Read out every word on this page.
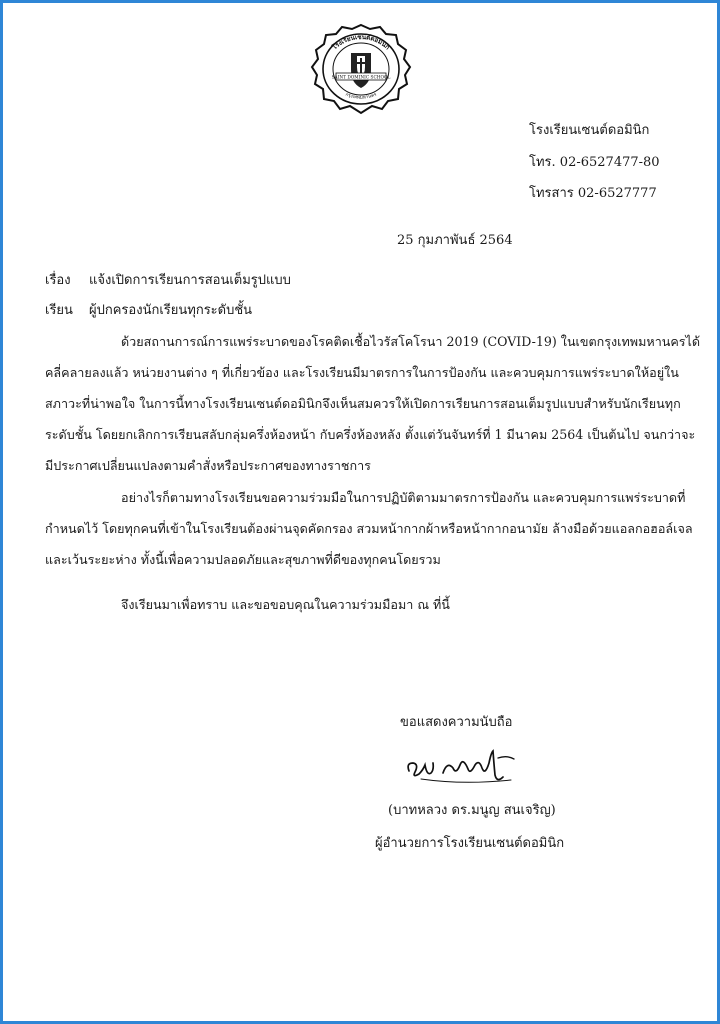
โรงเรียนเซนต์ดอมินิก
กรุงเทพมหานคร
SAINT DOMINIC SCHOOL
โรงเรียนเซนต์ดอมินิก
โทร. 02-6527477-80
โทรสาร 02-6527777
25 กุมภาพันธ์ 2564
เรื่อง แจ้งเปิดการเรียนการสอนเต็มรูปแบบ
เรียน ผู้ปกครองนักเรียนทุกระดับชั้น
ด้วยสถานการณ์การแพร่ระบาดของโรคติดเชื้อไวรัสโคโรนา 2019 (COVID-19) ในเขตกรุงเทพมหานครได้
คลี่คลายลงแล้ว หน่วยงานต่าง ๆ ที่เกี่ยวข้อง และโรงเรียนมีมาตรการในการป้องกัน และควบคุมการแพร่ระบาดให้อยู่ใน
สภาวะที่น่าพอใจ ในการนี้ทางโรงเรียนเซนต์ดอมินิกจึงเห็นสมควรให้เปิดการเรียนการสอนเต็มรูปแบบสำหรับนักเรียนทุก
ระดับชั้น โดยยกเลิกการเรียนสลับกลุ่มครึ่งห้องหน้า กับครึ่งห้องหลัง ตั้งแต่วันจันทร์ที่ 1 มีนาคม 2564 เป็นต้นไป จนกว่าจะ
มีประกาศเปลี่ยนแปลงตามคำสั่งหรือประกาศของทางราชการ
อย่างไรก็ตามทางโรงเรียนขอความร่วมมือในการปฏิบัติตามมาตรการป้องกัน และควบคุมการแพร่ระบาดที่
กำหนดไว้ โดยทุกคนที่เข้าในโรงเรียนต้องผ่านจุดคัดกรอง สวมหน้ากากผ้าหรือหน้ากากอนามัย ล้างมือด้วยแอลกอฮอล์เจล
และเว้นระยะห่าง ทั้งนี้เพื่อความปลอดภัยและสุขภาพที่ดีของทุกคนโดยรวม
จึงเรียนมาเพื่อทราบ และขอขอบคุณในความร่วมมือมา ณ ที่นี้
ขอแสดงความนับถือ
(บาทหลวง ดร.มนูญ สนเจริญ)
ผู้อำนวยการโรงเรียนเซนต์ดอมินิก
